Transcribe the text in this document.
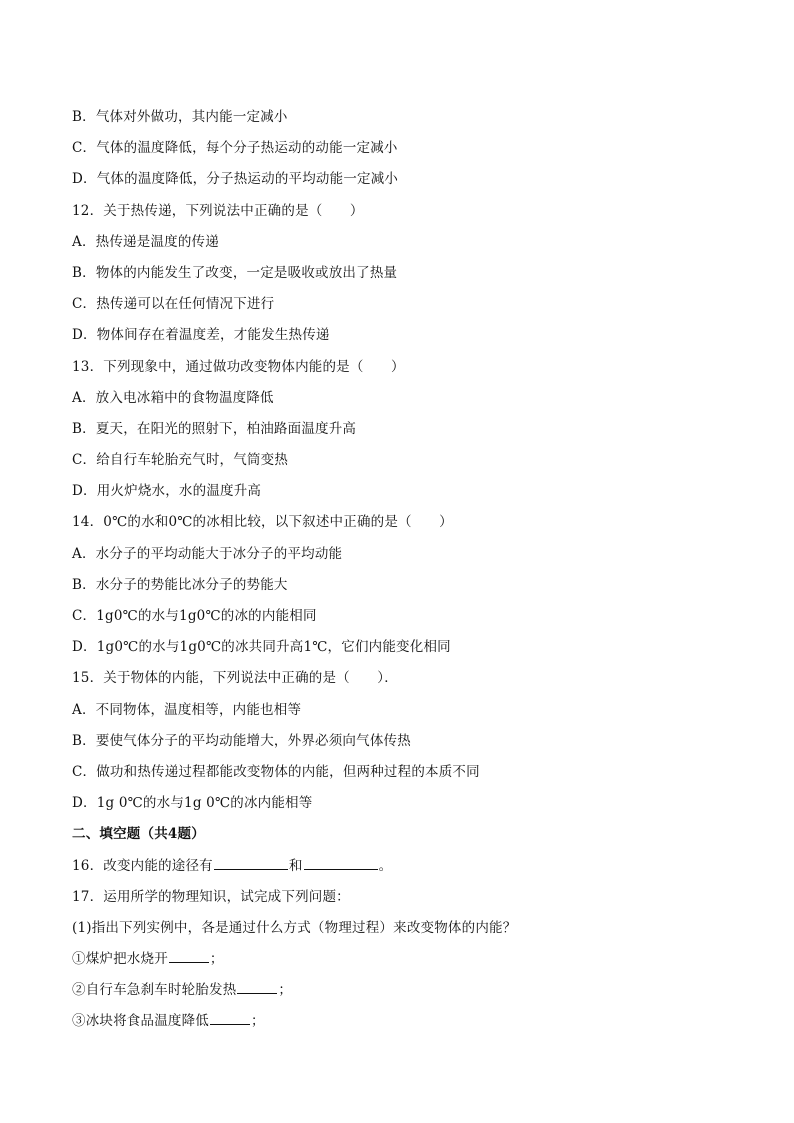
B．气体对外做功，其内能一定减小
C．气体的温度降低，每个分子热运动的动能一定减小
D．气体的温度降低，分子热运动的平均动能一定减小
12．关于热传递，下列说法中正确的是（　　）
A．热传递是温度的传递
B．物体的内能发生了改变，一定是吸收或放出了热量
C．热传递可以在任何情况下进行
D．物体间存在着温度差，才能发生热传递
13．下列现象中，通过做功改变物体内能的是（　　）
A．放入电冰箱中的食物温度降低
B．夏天，在阳光的照射下，柏油路面温度升高
C．给自行车轮胎充气时，气筒变热
D．用火炉烧水，水的温度升高
14．0℃的水和0℃的冰相比较，以下叙述中正确的是（　　）
A．水分子的平均动能大于冰分子的平均动能
B．水分子的势能比冰分子的势能大
C．1g0℃的水与1g0℃的冰的内能相同
D．1g0℃的水与1g0℃的冰共同升高1℃，它们内能变化相同
15．关于物体的内能，下列说法中正确的是（　　）．
A．不同物体，温度相等，内能也相等
B．要使气体分子的平均动能增大，外界必须向气体传热
C．做功和热传递过程都能改变物体的内能，但两种过程的本质不同
D．1g 0℃的水与1g 0℃的冰内能相等
二、填空题（共4题）
16．改变内能的途径有	和	。
17．运用所学的物理知识，试完成下列问题：
(1)指出下列实例中，各是通过什么方式（物理过程）来改变物体的内能？
①煤炉把水烧开	；
②自行车急刹车时轮胎发热	；
③冰块将食品温度降低	；
